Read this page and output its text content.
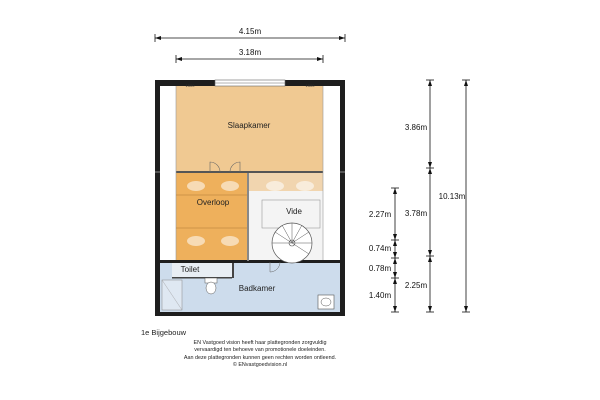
4.15m
3.18m
1500	1500
Slaapkamer
Overloop
Vide
Toilet
Badkamer
10.13m
3.86m
3.78m
2.25m
2.27m
0.74m
0.78m
1.40m
1e Bijgebouw
EN Vastgoed vision heeft haar plattegronden zorgvuldig
vervaardigd ten behoeve van promotionele doeleinden.
Aan deze plattegronden kunnen geen rechten worden ontleend.
© ENvastgoedvision.nl
